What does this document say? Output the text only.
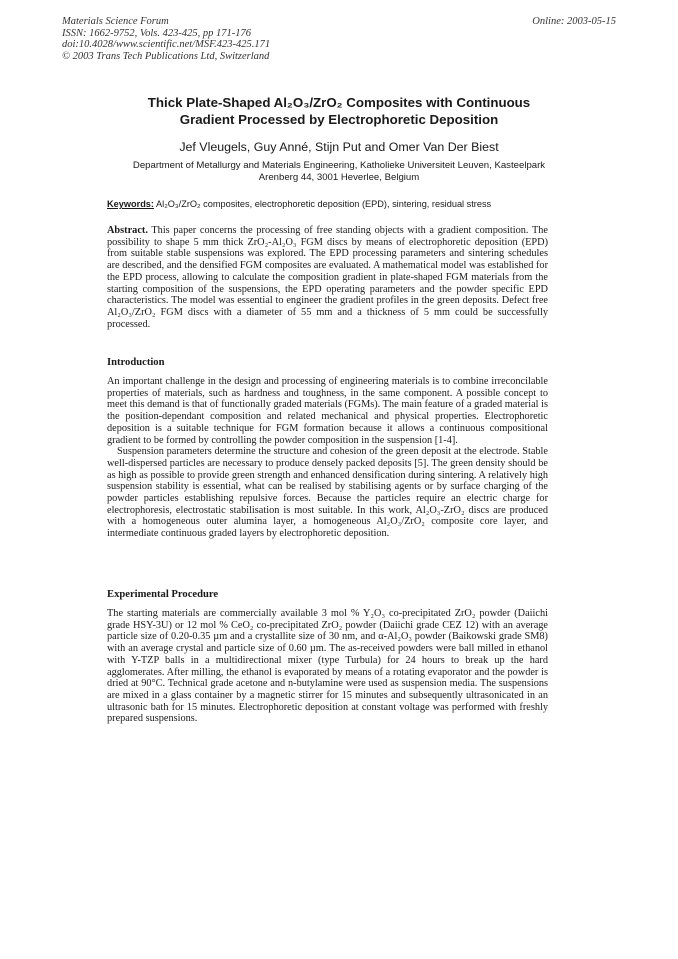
Materials Science Forum
ISSN: 1662-9752, Vols. 423-425, pp 171-176
doi:10.4028/www.scientific.net/MSF.423-425.171
© 2003 Trans Tech Publications Ltd, Switzerland
Online: 2003-05-15
Thick Plate-Shaped Al₂O₃/ZrO₂ Composites with Continuous
Gradient Processed by Electrophoretic Deposition
Jef Vleugels, Guy Anné, Stijn Put and Omer Van Der Biest
Department of Metallurgy and Materials Engineering, Katholieke Universiteit Leuven, Kasteelpark
Arenberg 44, 3001 Heverlee, Belgium
Keywords: Al₂O₃/ZrO₂ composites, electrophoretic deposition (EPD), sintering, residual stress

Abstract. This paper concerns the processing of free standing objects with a gradient composition. The possibility to shape 5 mm thick ZrO₂-Al₂O₃ FGM discs by means of electrophoretic deposition (EPD) from suitable stable suspensions was explored. The EPD processing parameters and sintering schedules are described, and the densified FGM composites are evaluated. A mathematical model was established for the EPD process, allowing to calculate the composition gradient in plate-shaped FGM materials from the starting composition of the suspensions, the EPD operating parameters and the powder specific EPD characteristics. The model was essential to engineer the gradient profiles in the green deposits. Defect free Al₂O₃/ZrO₂ FGM discs with a diameter of 55 mm and a thickness of 5 mm could be successfully processed.

Introduction

An important challenge in the design and processing of engineering materials is to combine irreconcilable properties of materials, such as hardness and toughness, in the same component. A possible concept to meet this demand is that of functionally graded materials (FGMs). The main feature of a graded material is the position-dependant composition and related mechanical and physical properties. Electrophoretic deposition is a suitable technique for FGM formation because it allows a continuous compositional gradient to be formed by controlling the powder composition in the suspension [1-4].

Suspension parameters determine the structure and cohesion of the green deposit at the electrode. Stable well-dispersed particles are necessary to produce densely packed deposits [5]. The green density should be as high as possible to provide green strength and enhanced densification during sintering. A relatively high suspension stability is essential, what can be realised by stabilising agents or by surface charging of the powder particles establishing repulsive forces. Because the particles require an electric charge for electrophoresis, electrostatic stabilisation is most suitable. In this work, Al₂O₃-ZrO₂ discs are produced with a homogeneous outer alumina layer, a homogeneous Al₂O₃/ZrO₂ composite core layer, and intermediate continuous graded layers by electrophoretic deposition.

Experimental Procedure

The starting materials are commercially available 3 mol % Y₂O₃ co-precipitated ZrO₂ powder (Daiichi grade HSY-3U) or 12 mol % CeO₂ co-precipitated ZrO₂ powder (Daiichi grade CEZ 12) with an average particle size of 0.20-0.35 µm and a crystallite size of 30 nm, and α-Al₂O₃ powder (Baikowski grade SM8) with an average crystal and particle size of 0.60 µm. The as-received powders were ball milled in ethanol with Y-TZP balls in a multidirectional mixer (type Turbula) for 24 hours to break up the hard agglomerates. After milling, the ethanol is evaporated by means of a rotating evaporator and the powder is dried at 90°C. Technical grade acetone and n-butylamine were used as suspension media. The suspensions are mixed in a glass container by a magnetic stirrer for 15 minutes and subsequently ultrasonicated in an ultrasonic bath for 15 minutes. Electrophoretic deposition at constant voltage was performed with freshly prepared suspensions.
